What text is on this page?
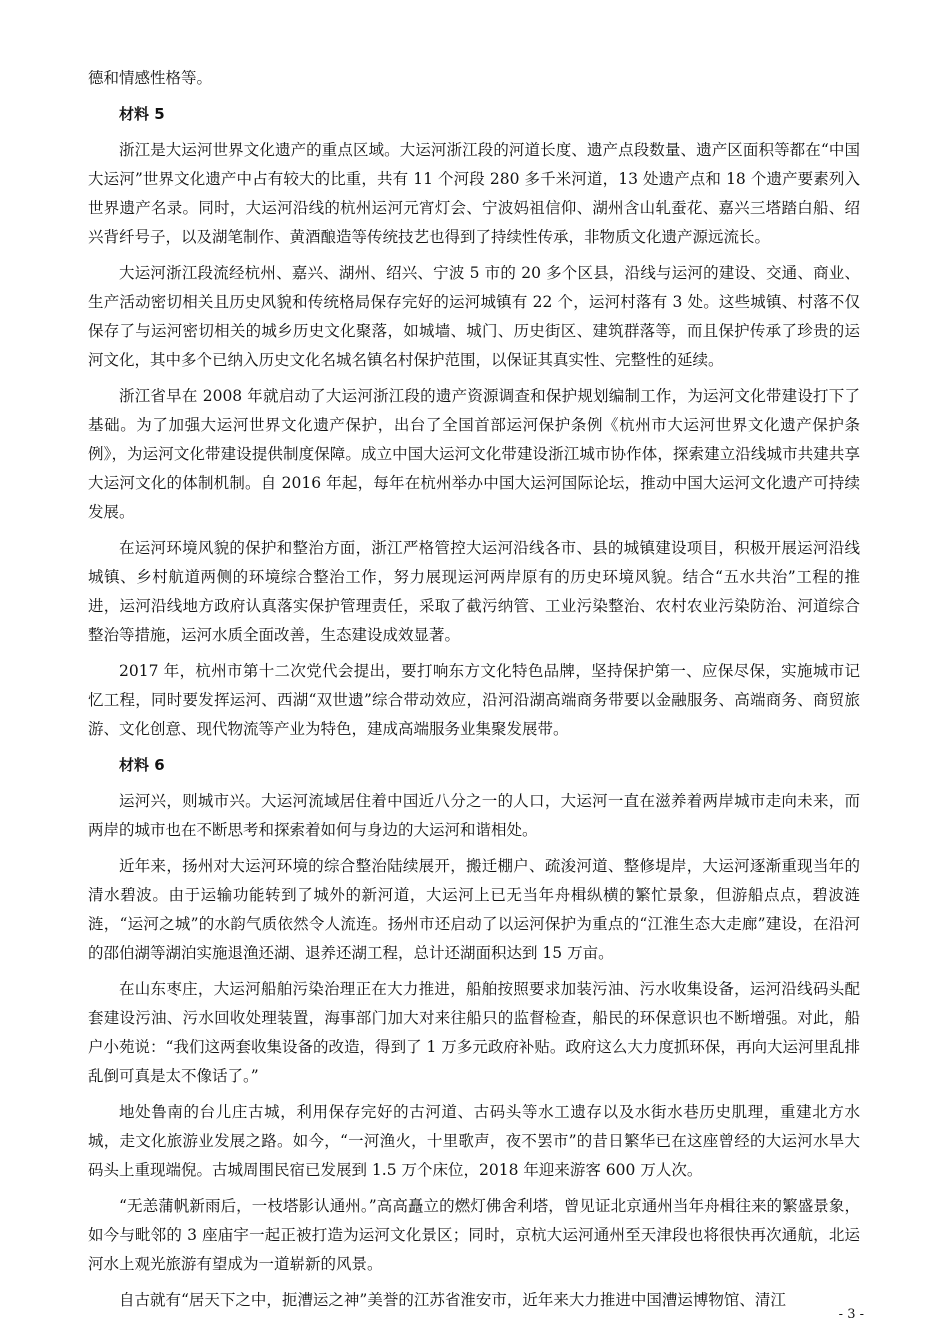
德和情感性格等。

材料 5

浙江是大运河世界文化遗产的重点区域。大运河浙江段的河道长度、遗产点段数量、遗产区面积等都在“中国大运河”世界文化遗产中占有较大的比重，共有 11 个河段 280 多千米河道，13 处遗产点和 18 个遗产要素列入世界遗产名录。同时，大运河沿线的杭州运河元宵灯会、宁波妈祖信仰、湖州含山轧蚕花、嘉兴三塔踏白船、绍兴背纤号子，以及湖笔制作、黄酒酿造等传统技艺也得到了持续性传承，非物质文化遗产源远流长。

大运河浙江段流经杭州、嘉兴、湖州、绍兴、宁波 5 市的 20 多个区县，沿线与运河的建设、交通、商业、生产活动密切相关且历史风貌和传统格局保存完好的运河城镇有 22 个，运河村落有 3 处。这些城镇、村落不仅保存了与运河密切相关的城乡历史文化聚落，如城墙、城门、历史街区、建筑群落等，而且保护传承了珍贵的运河文化，其中多个已纳入历史文化名城名镇名村保护范围，以保证其真实性、完整性的延续。

浙江省早在 2008 年就启动了大运河浙江段的遗产资源调查和保护规划编制工作，为运河文化带建设打下了基础。为了加强大运河世界文化遗产保护，出台了全国首部运河保护条例《杭州市大运河世界文化遗产保护条例》，为运河文化带建设提供制度保障。成立中国大运河文化带建设浙江城市协作体，探索建立沿线城市共建共享大运河文化的体制机制。自 2016 年起，每年在杭州举办中国大运河国际论坛，推动中国大运河文化遗产可持续发展。

在运河环境风貌的保护和整治方面，浙江严格管控大运河沿线各市、县的城镇建设项目，积极开展运河沿线城镇、乡村航道两侧的环境综合整治工作，努力展现运河两岸原有的历史环境风貌。结合“五水共治”工程的推进，运河沿线地方政府认真落实保护管理责任，采取了截污纳管、工业污染整治、农村农业污染防治、河道综合整治等措施，运河水质全面改善，生态建设成效显著。

2017 年，杭州市第十二次党代会提出，要打响东方文化特色品牌，坚持保护第一、应保尽保，实施城市记忆工程，同时要发挥运河、西湖“双世遗”综合带动效应，沿河沿湖高端商务带要以金融服务、高端商务、商贸旅游、文化创意、现代物流等产业为特色，建成高端服务业集聚发展带。

材料 6

运河兴，则城市兴。大运河流域居住着中国近八分之一的人口，大运河一直在滋养着两岸城市走向未来，而两岸的城市也在不断思考和探索着如何与身边的大运河和谐相处。

近年来，扬州对大运河环境的综合整治陆续展开，搬迁棚户、疏浚河道、整修堤岸，大运河逐渐重现当年的清水碧波。由于运输功能转到了城外的新河道，大运河上已无当年舟楫纵横的繁忙景象，但游船点点，碧波涟涟，“运河之城”的水韵气质依然令人流连。扬州市还启动了以运河保护为重点的“江淮生态大走廊”建设，在沿河的邵伯湖等湖泊实施退渔还湖、退养还湖工程，总计还湖面积达到 15 万亩。

在山东枣庄，大运河船舶污染治理正在大力推进，船舶按照要求加装污油、污水收集设备，运河沿线码头配套建设污油、污水回收处理装置，海事部门加大对来往船只的监督检查，船民的环保意识也不断增强。对此，船户小苑说：“我们这两套收集设备的改造，得到了 1 万多元政府补贴。政府这么大力度抓环保，再向大运河里乱排乱倒可真是太不像话了。”

地处鲁南的台儿庄古城，利用保存完好的古河道、古码头等水工遗存以及水街水巷历史肌理，重建北方水城，走文化旅游业发展之路。如今，“一河渔火，十里歌声，夜不罢市”的昔日繁华已在这座曾经的大运河水旱大码头上重现端倪。古城周围民宿已发展到 1.5 万个床位，2018 年迎来游客 600 万人次。

“无恙蒲帆新雨后，一枝塔影认通州。”高高矗立的燃灯佛舍利塔，曾见证北京通州当年舟楫往来的繁盛景象，如今与毗邻的 3 座庙宇一起正被打造为运河文化景区；同时，京杭大运河通州至天津段也将很快再次通航，北运河水上观光旅游有望成为一道崭新的风景。

自古就有“居天下之中，扼漕运之神”美誉的江苏省淮安市，近年来大力推进中国漕运博物馆、清江

- 3 -
